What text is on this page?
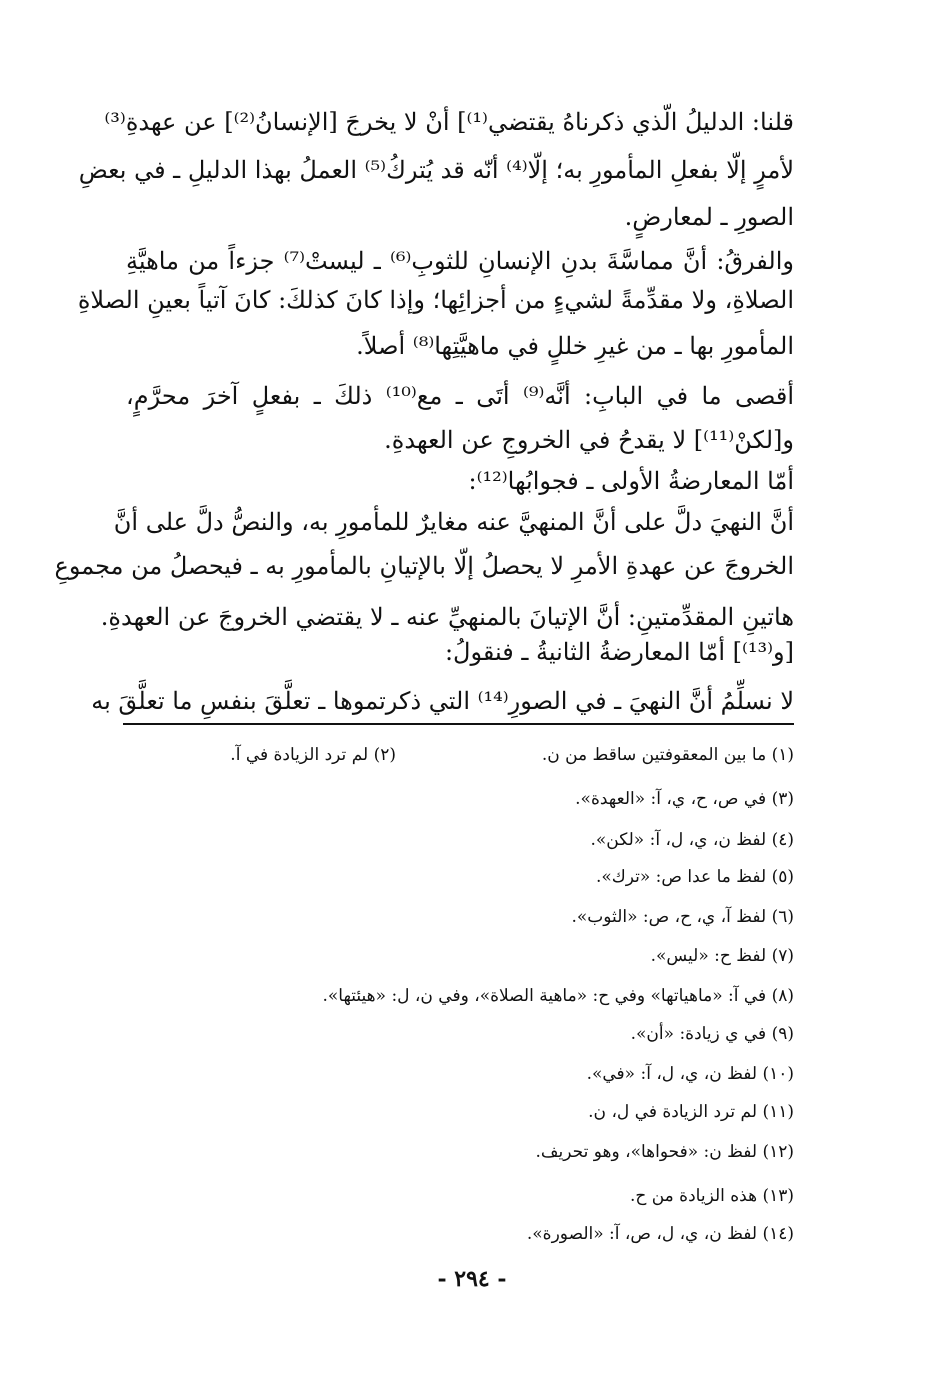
قلنا: الدليلُ الّذي ذكرناهُ يقتضي⁽¹⁾] أنْ لا يخرجَ [الإنسانُ⁽²⁾] عن عهدةِ⁽³⁾
لأمرٍ إلّا بفعلِ المأمورِ به؛ إلّا⁽⁴⁾ أنّه قد يُتركُ⁽⁵⁾ العملُ بهذا الدليلِ ـ في بعضِ
الصورِ ـ لمعارضٍ.
والفرقُ: أنَّ مماسَّةَ بدنِ الإنسانِ للثوبِ⁽⁶⁾ ـ ليستْ⁽⁷⁾ جزءاً من ماهيَّةِ
الصلاةِ، ولا مقدِّمةً لشيءٍ من أجزائِها؛ وإذا كانَ كذلكَ: كانَ آتياً بعينِ الصلاةِ
المأمورِ بها ـ من غيرِ خللٍ في ماهيَّتِها⁽⁸⁾ أصلاً.
أقصى ما في البابِ: أنَّه⁽⁹⁾ أتَى ـ مع⁽¹⁰⁾ ذلكَ ـ بفعلٍ آخرَ محرَّمٍ،
و[لكنْ⁽¹¹⁾] لا يقدحُ في الخروجِ عن العهدةِ.
أمّا المعارضةُ الأولى ـ فجوابُها⁽¹²⁾:
أنَّ النهيَ دلَّ على أنَّ المنهيَّ عنه مغايرٌ للمأمورِ به، والنصُّ دلَّ على أنَّ
الخروجَ عن عهدةِ الأمرِ لا يحصلُ إلّا بالإتيانِ بالمأمورِ به ـ فيحصلُ من مجموعِ
هاتينِ المقدِّمتينِ: أنَّ الإتيانَ بالمنهيِّ عنه ـ لا يقتضي الخروجَ عن العهدةِ.
[و⁽¹³⁾] أمّا المعارضةُ الثانيةُ ـ فنقولُ:
لا نسلِّمُ أنَّ النهيَ ـ في الصورِ⁽¹⁴⁾ التي ذكرتموها ـ تعلَّقَ بنفسِ ما تعلَّقَ به
(١) ما بين المعقوفتين ساقط من ن.
(٢) لم ترد الزيادة في آ.
(٣) في ص، ح، ي، آ: «العهدة».
(٤) لفظ ن، ي، ل، آ: «لكن».
(٥) لفظ ما عدا ص: «ترك».
(٦) لفظ آ، ي، ح، ص: «الثوب».
(٧) لفظ ح: «ليس».
(٨) في آ: «ماهياتها» وفي ح: «ماهية الصلاة»، وفي ن، ل: «هيئتها».
(٩) في ي زيادة: «أن».
(١٠) لفظ ن، ي، ل، آ: «في».
(١١) لم ترد الزيادة في ل، ن.
(١٢) لفظ ن: «فحواها»، وهو تحريف.
(١٣) هذه الزيادة من ح.
(١٤) لفظ ن، ي، ل، ص، آ: «الصورة».
- ٢٩٤ -
